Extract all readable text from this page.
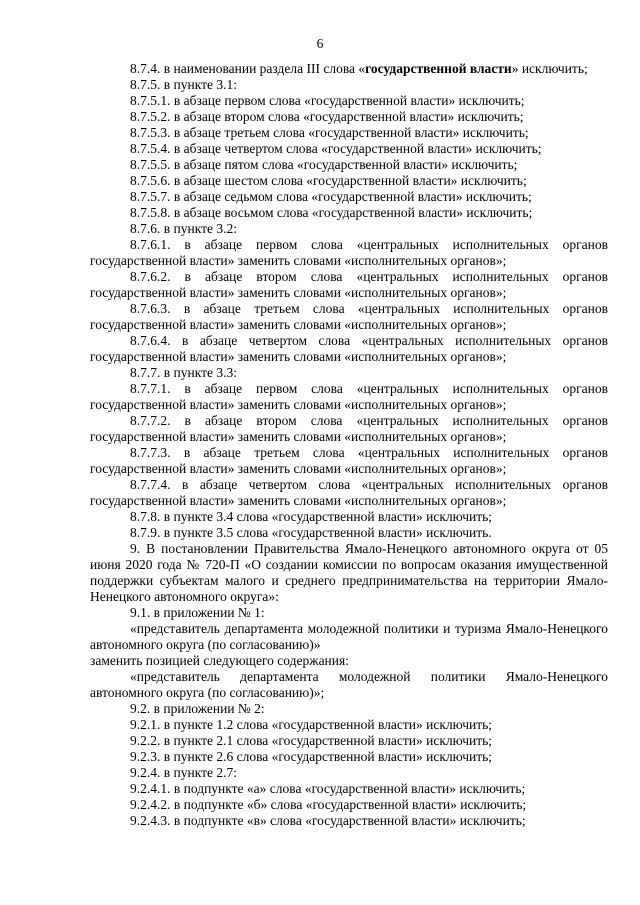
6

8.7.4. в наименовании раздела III слова «государственной власти» исключить;

8.7.5. в пункте 3.1:

8.7.5.1. в абзаце первом слова «государственной власти» исключить;

8.7.5.2. в абзаце втором слова «государственной власти» исключить;

8.7.5.3. в абзаце третьем слова «государственной власти» исключить;

8.7.5.4. в абзаце четвертом слова «государственной власти» исключить;

8.7.5.5. в абзаце пятом слова «государственной власти» исключить;

8.7.5.6. в абзаце шестом слова «государственной власти» исключить;

8.7.5.7. в абзаце седьмом слова «государственной власти» исключить;

8.7.5.8. в абзаце восьмом слова «государственной власти» исключить;

8.7.6. в пункте 3.2:

8.7.6.1. в абзаце первом слова «центральных исполнительных органов государственной власти» заменить словами «исполнительных органов»;

8.7.6.2. в абзаце втором слова «центральных исполнительных органов государственной власти» заменить словами «исполнительных органов»;

8.7.6.3. в абзаце третьем слова «центральных исполнительных органов государственной власти» заменить словами «исполнительных органов»;

8.7.6.4. в абзаце четвертом слова «центральных исполнительных органов государственной власти» заменить словами «исполнительных органов»;

8.7.7. в пункте 3.3:

8.7.7.1. в абзаце первом слова «центральных исполнительных органов государственной власти» заменить словами «исполнительных органов»;

8.7.7.2. в абзаце втором слова «центральных исполнительных органов государственной власти» заменить словами «исполнительных органов»;

8.7.7.3. в абзаце третьем слова «центральных исполнительных органов государственной власти» заменить словами «исполнительных органов»;

8.7.7.4. в абзаце четвертом слова «центральных исполнительных органов государственной власти» заменить словами «исполнительных органов»;

8.7.8. в пункте 3.4 слова «государственной власти» исключить;

8.7.9. в пункте 3.5 слова «государственной власти» исключить.

9. В постановлении Правительства Ямало-Ненецкого автономного округа от 05 июня 2020 года № 720-П «О создании комиссии по вопросам оказания имущественной поддержки субъектам малого и среднего предпринимательства на территории Ямало-Ненецкого автономного округа»:

9.1. в приложении № 1:

«представитель департамента молодежной политики и туризма Ямало-Ненецкого автономного округа (по согласованию)»

заменить позицией следующего содержания:

«представитель департамента молодежной политики Ямало-Ненецкого автономного округа (по согласованию)»;

9.2. в приложении № 2:

9.2.1. в пункте 1.2 слова «государственной власти» исключить;

9.2.2. в пункте 2.1 слова «государственной власти» исключить;

9.2.3. в пункте 2.6 слова «государственной власти» исключить;

9.2.4. в пункте 2.7:

9.2.4.1. в подпункте «а» слова «государственной власти» исключить;

9.2.4.2. в подпункте «б» слова «государственной власти» исключить;

9.2.4.3. в подпункте «в» слова «государственной власти» исключить;
